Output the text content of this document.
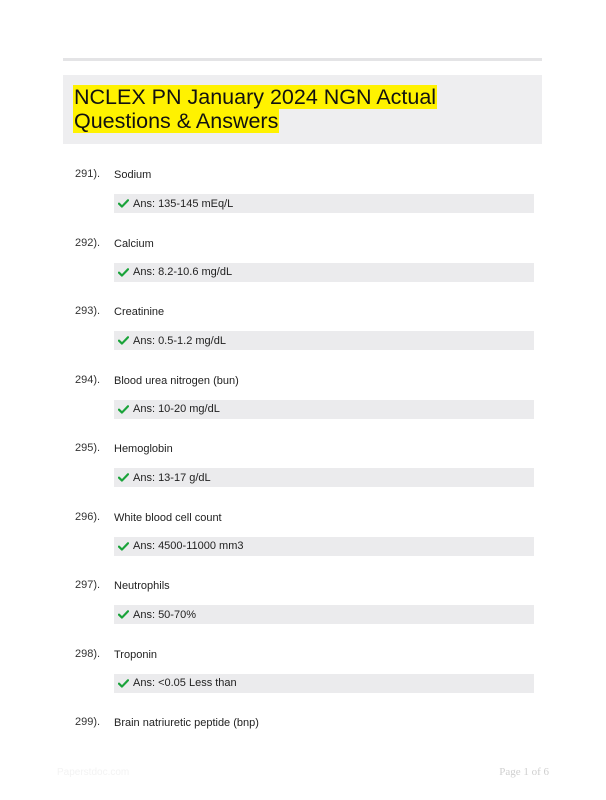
NCLEX PN January 2024 NGN Actual Questions & Answers
291). Sodium
Ans: 135-145 mEq/L
292). Calcium
Ans: 8.2-10.6 mg/dL
293). Creatinine
Ans: 0.5-1.2 mg/dL
294). Blood urea nitrogen (bun)
Ans: 10-20 mg/dL
295). Hemoglobin
Ans: 13-17 g/dL
296). White blood cell count
Ans: 4500-11000 mm3
297). Neutrophils
Ans: 50-70%
298). Troponin
Ans: <0.05 Less than
299). Brain natriuretic peptide (bnp)
Paperstdoc.com	Page 1 of 6
